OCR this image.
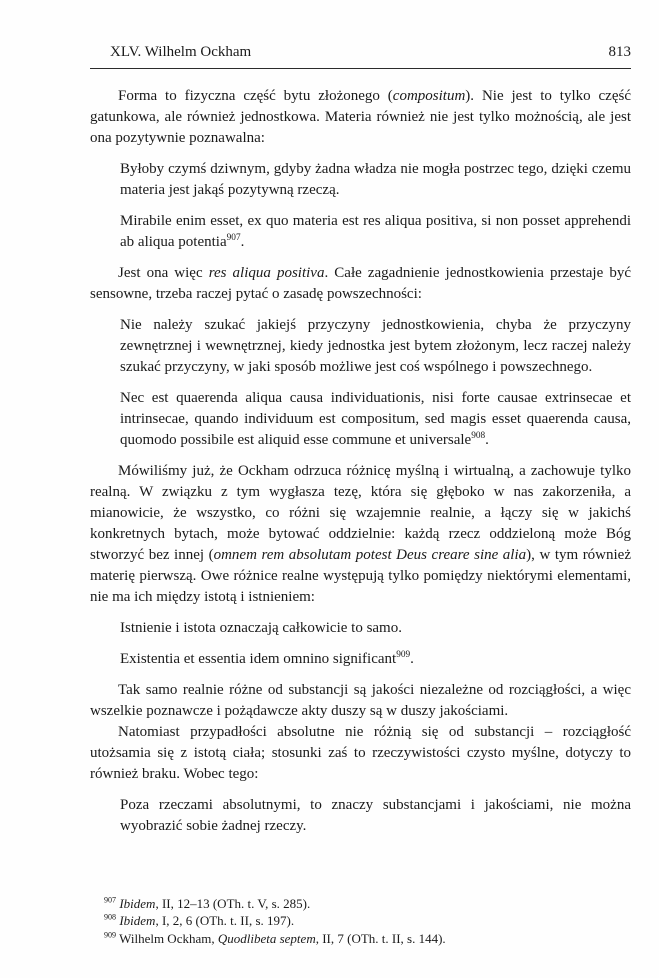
XLV. Wilhelm Ockham	813

Forma to fizyczna część bytu złożonego (compositum). Nie jest to tylko część gatunkowa, ale również jednostkowa. Materia również nie jest tylko możnością, ale jest ona pozytywnie poznawalna:

Byłoby czymś dziwnym, gdyby żadna władza nie mogła postrzec tego, dzięki czemu materia jest jakąś pozytywną rzeczą.

Mirabile enim esset, ex quo materia est res aliqua positiva, si non posset apprehendi ab aliqua potentia$^{907}$.

Jest ona więc res aliqua positiva. Całe zagadnienie jednostkowienia przestaje być sensowne, trzeba raczej pytać o zasadę powszechności:

Nie należy szukać jakiejś przyczyny jednostkowienia, chyba że przyczyny zewnętrznej i wewnętrznej, kiedy jednostka jest bytem złożonym, lecz raczej należy szukać przyczyny, w jaki sposób możliwe jest coś wspólnego i powszechnego.

Nec est quaerenda aliqua causa individuationis, nisi forte causae extrinsecae et intrinsecae, quando individuum est compositum, sed magis esset quaerenda causa, quomodo possibile est aliquid esse commune et universale$^{908}$.

Mówiliśmy już, że Ockham odrzuca różnicę myślną i wirtualną, a zachowuje tylko realną. W związku z tym wygłasza tezę, która się głęboko w nas zakorzeniła, a mianowicie, że wszystko, co różni się wzajemnie realnie, a łączy się w jakichś konkretnych bytach, może bytować oddzielnie: każdą rzecz oddzieloną może Bóg stworzyć bez innej (omnem rem absolutam potest Deus creare sine alia), w tym również materię pierwszą. Owe różnice realne występują tylko pomiędzy niektórymi elementami, nie ma ich między istotą i istnieniem:

Istnienie i istota oznaczają całkowicie to samo.

Existentia et essentia idem omnino significant$^{909}$.

Tak samo realnie różne od substancji są jakości niezależne od rozciągłości, a więc wszelkie poznawcze i pożądawcze akty duszy są w duszy jakościami.

Natomiast przypadłości absolutne nie różnią się od substancji – rozciągłość utożsamia się z istotą ciała; stosunki zaś to rzeczywistości czysto myślne, dotyczy to również braku. Wobec tego:

Poza rzeczami absolutnymi, to znaczy substancjami i jakościami, nie można wyobrazić sobie żadnej rzeczy.

$^{907}$ Ibidem, II, 12–13 (OTh. t. V, s. 285).

$^{908}$ Ibidem, I, 2, 6 (OTh. t. II, s. 197).

$^{909}$ Wilhelm Ockham, Quodlibeta septem, II, 7 (OTh. t. II, s. 144).
